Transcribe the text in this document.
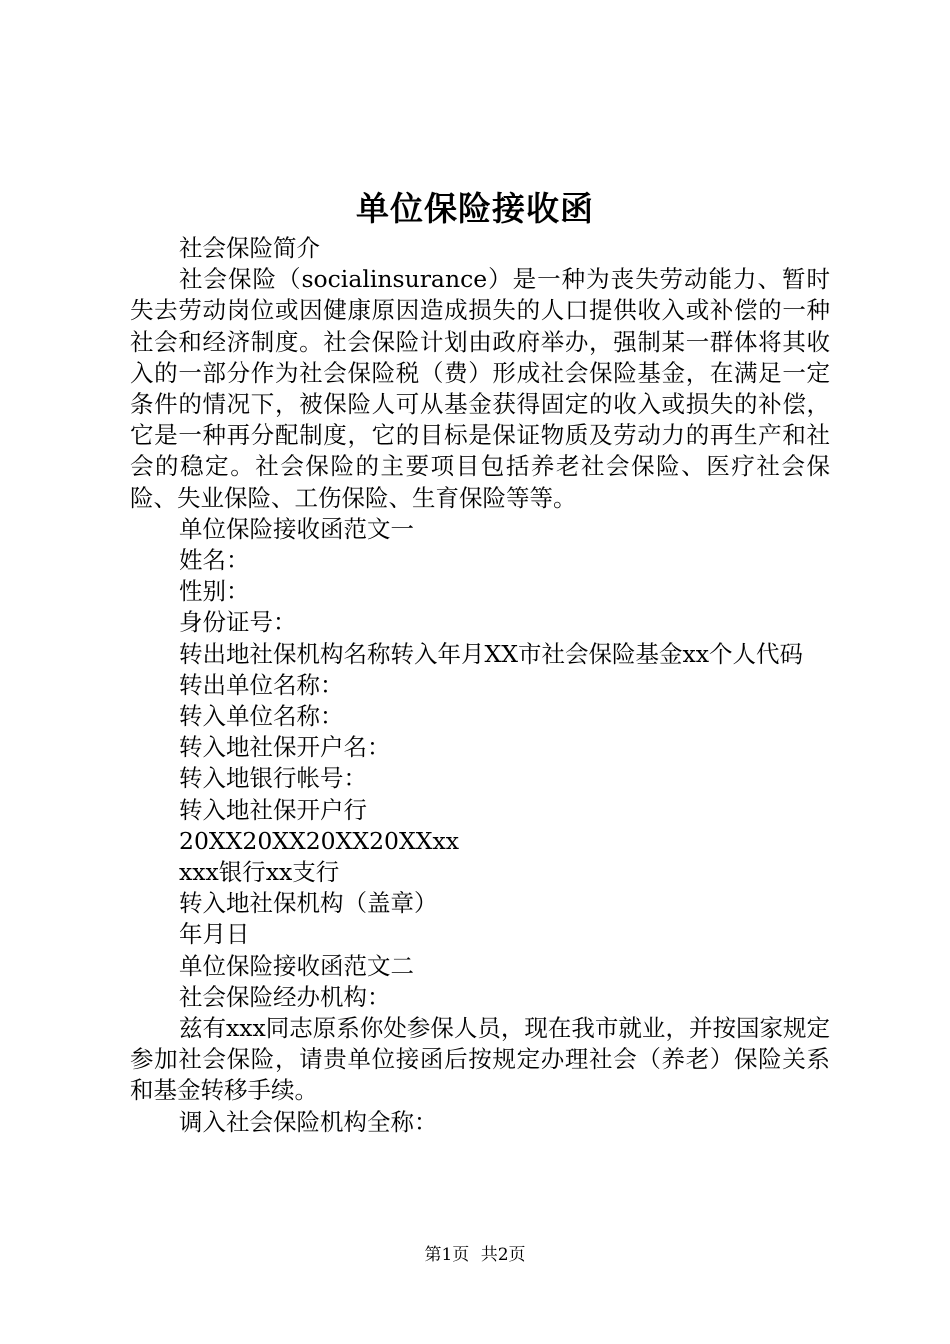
单位保险接收函

社会保险简介

社会保险（socialinsurance）是一种为丧失劳动能力、暂时失去劳动岗位或因健康原因造成损失的人口提供收入或补偿的一种社会和经济制度。社会保险计划由政府举办，强制某一群体将其收入的一部分作为社会保险税（费）形成社会保险基金，在满足一定条件的情况下，被保险人可从基金获得固定的收入或损失的补偿，它是一种再分配制度，它的目标是保证物质及劳动力的再生产和社会的稳定。社会保险的主要项目包括养老社会保险、医疗社会保险、失业保险、工伤保险、生育保险等等。

单位保险接收函范文一

姓名：

性别：

身份证号：

转出地社保机构名称转入年月XX市社会保险基金xx个人代码

转出单位名称：

转入单位名称：

转入地社保开户名：

转入地银行帐号：

转入地社保开户行

20XX20XX20XX20XXxx

xxx银行xx支行

转入地社保机构（盖章）

年月日

单位保险接收函范文二

社会保险经办机构：

兹有xxx同志原系你处参保人员，现在我市就业，并按国家规定参加社会保险，请贵单位接函后按规定办理社会（养老）保险关系和基金转移手续。

调入社会保险机构全称：

第1页 共2页
